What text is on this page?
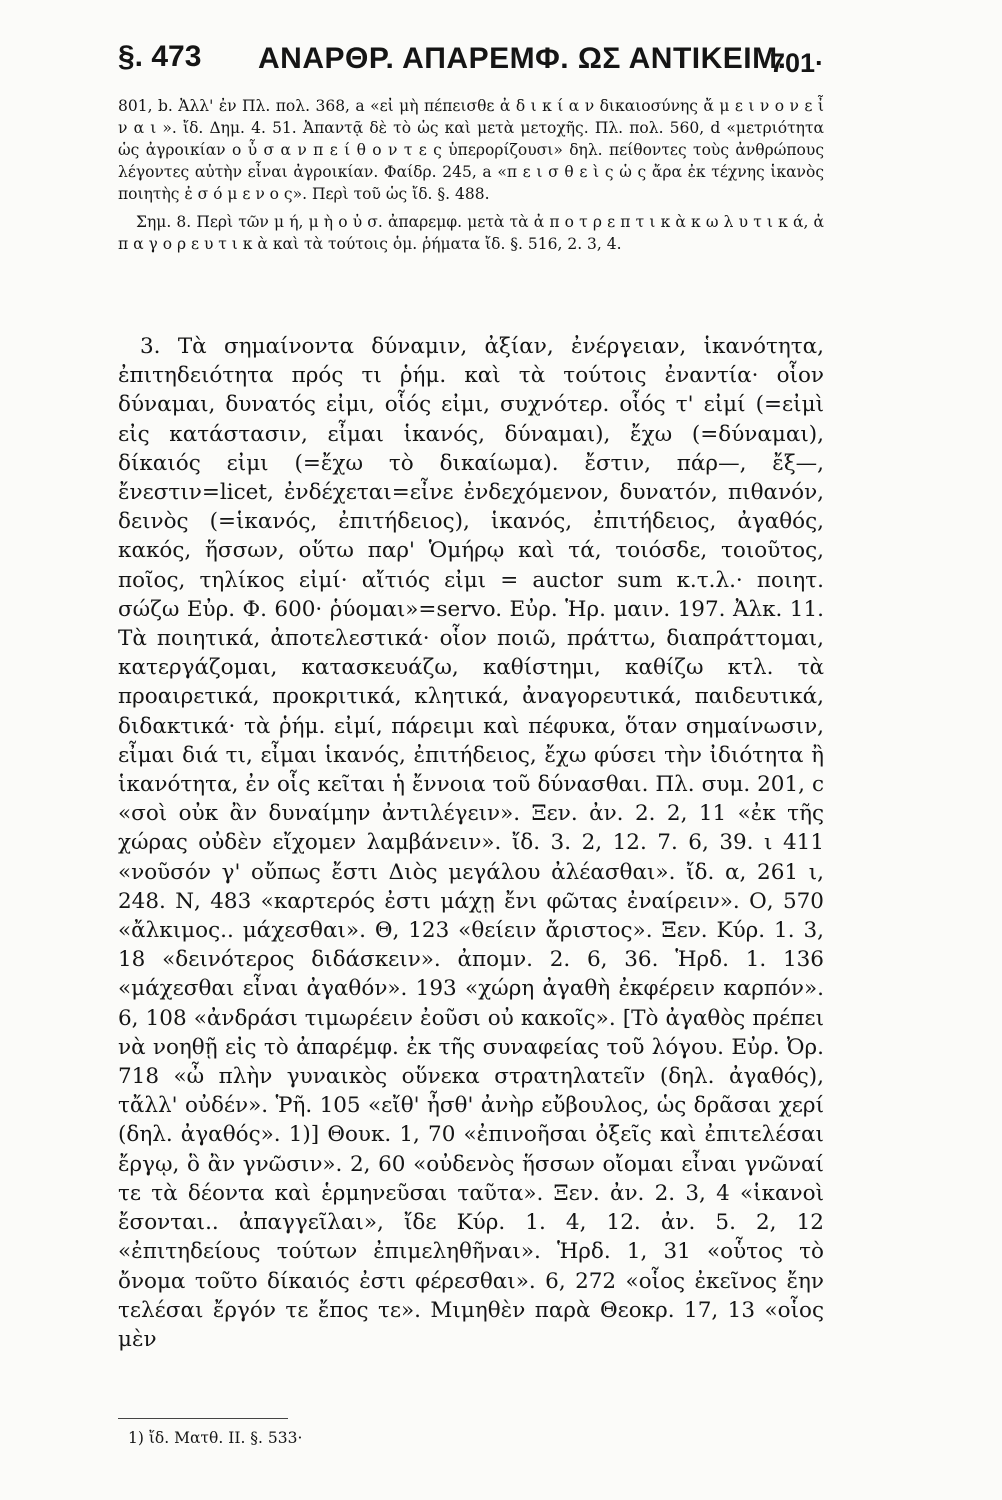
§. 473 ΑΝΑΡΘΡ. ΑΠΑΡΕΜΦ. ΩΣ ΑΝΤΙΚΕΙΜ.
701·

801, b. Ἀλλ' ἐν Πλ. πολ. 368, a «εἰ μὴ πέπεισθε ἀ δ ι κ ί α ν δικαιοσύνης ἄ μ ε ι ν ο ν ε ἶ ν α ι ». ἴδ. Δημ. 4. 51. Ἀπαντᾷ δὲ τὸ ὡς καὶ μετὰ μετοχῆς. Πλ. πολ. 560, d «μετριότητα ὡς ἀγροικίαν ο ὖ σ α ν π ε ί θ ο ν τ ε ς ὑπερορίζουσι» δηλ. πείθοντες τοὺς ἀνθρώπους λέγοντες αὐτὴν εἶναι ἀγροικίαν. Φαίδρ. 245, a «π ε ι σ θ ε ὶ ς ὡ ς ἄρα ἐκ τέχνης ἱκανὸς ποιητὴς ἐ σ ό μ ε ν ο ς». Περὶ τοῦ ὡς ἴδ. §. 488.

Σημ. 8. Περὶ τῶν μ ή, μ ὴ ο ὐ σ. ἀπαρεμφ. μετὰ τὰ ἀ π ο τ ρ ε π τ ι κ ὰ κ ω λ υ τ ι κ ά, ἀ π α γ ο ρ ε υ τ ι κ ὰ καὶ τὰ τούτοις ὁμ. ῥήματα ἴδ. §. 516, 2. 3, 4.

3. Τὰ σημαίνοντα δύναμιν, ἀξίαν, ἐνέργειαν, ἱκανότητα, ἐπιτηδειότητα πρός τι ῥήμ. καὶ τὰ τούτοις ἐναντία· οἷον δύναμαι, δυνατός εἰμι, οἷός εἰμι, συχνότερ. οἷός τ' εἰμί (=εἰμὶ εἰς κατάστασιν, εἶμαι ἱκανός, δύναμαι), ἔχω (=δύναμαι), δίκαιός εἰμι (=ἔχω τὸ δικαίωμα). ἔστιν, πάρ—, ἔξ—, ἔνεστιν=licet, ἐνδέχεται=εἶνε ἐνδεχόμενον, δυνατόν, πιθανόν, δεινὸς (=ἱκανός, ἐπιτήδειος), ἱκανός, ἐπιτήδειος, ἀγαθός, κακός, ἥσσων, οὕτω παρ' Ὁμήρῳ καὶ τά, τοιόσδε, τοιοῦτος, ποῖος, τηλίκος εἰμί· αἴτιός εἰμι = auctor sum κ.τ.λ.· ποιητ. σώζω Εὐρ. Φ. 600· ῥύομαι»=servo. Εὐρ. Ἡρ. μαιν. 197. Ἀλκ. 11. Τὰ ποιητικά, ἀποτελεστικά· οἷον ποιῶ, πράττω, διαπράττομαι, κατεργάζομαι, κατασκευάζω, καθίστημι, καθίζω κτλ. τὰ προαιρετικά, προκριτικά, κλητικά, ἀναγορευτικά, παιδευτικά, διδακτικά· τὰ ῥήμ. εἰμί, πάρειμι καὶ πέφυκα, ὅταν σημαίνωσιν, εἶμαι διά τι, εἶμαι ἱκανός, ἐπιτήδειος, ἔχω φύσει τὴν ἰδιότητα ἢ ἱκανότητα, ἐν οἷς κεῖται ἡ ἔννοια τοῦ δύνασθαι. Πλ. συμ. 201, c «σοὶ οὐκ ἂν δυναίμην ἀντιλέγειν». Ξεν. ἀν. 2. 2, 11 «ἐκ τῆς χώρας οὐδὲν εἴχομεν λαμβάνειν». ἴδ. 3. 2, 12. 7. 6, 39. ι 411 «νοῦσόν γ' οὔπως ἔστι Διὸς μεγάλου ἀλέασθαι». ἴδ. α, 261 ι, 248. Ν, 483 «καρτερός ἐστι μάχῃ ἔνι φῶτας ἐναίρειν». Ο, 570 «ἄλκιμος.. μάχεσθαι». Θ, 123 «θείειν ἄριστος». Ξεν. Κύρ. 1. 3, 18 «δεινότερος διδάσκειν». ἀπομν. 2. 6, 36. Ἡρδ. 1. 136 «μάχεσθαι εἶναι ἀγαθόν». 193 «χώρη ἀγαθὴ ἐκφέρειν καρπόν». 6, 108 «ἀνδράσι τιμωρέειν ἐοῦσι οὐ κακοῖς». [Τὸ ἀγαθὸς πρέπει νὰ νοηθῇ εἰς τὸ ἀπαρέμφ. ἐκ τῆς συναφείας τοῦ λόγου. Εὐρ. Ὀρ. 718 «ὦ πλὴν γυναικὸς οὕνεκα στρατηλατεῖν (δηλ. ἀγαθός), τἄλλ' οὐδέν». Ῥῆ. 105 «εἴθ' ἦσθ' ἀνὴρ εὔβουλος, ὡς δρᾶσαι χερί (δηλ. ἀγαθός». 1)] Θουκ. 1, 70 «ἐπινοῆσαι ὀξεῖς καὶ ἐπιτελέσαι ἔργῳ, ὃ ἂν γνῶσιν». 2, 60 «οὐδενὸς ἥσσων οἴομαι εἶναι γνῶναί τε τὰ δέοντα καὶ ἑρμηνεῦσαι ταῦτα». Ξεν. ἀν. 2. 3, 4 «ἱκανοὶ ἔσονται.. ἀπαγγεῖλαι», ἴδε Κύρ. 1. 4, 12. ἀν. 5. 2, 12 «ἐπιτηδείους τούτων ἐπιμεληθῆναι». Ἡρδ. 1, 31 «οὗτος τὸ ὄνομα τοῦτο δίκαιός ἐστι φέρεσθαι». 6, 272 «οἷος ἐκεῖνος ἔην τελέσαι ἔργόν τε ἔπος τε». Μιμηθὲν παρὰ Θεοκρ. 17, 13 «οἷος μὲν

1) ἴδ. Ματθ. II. §. 533·
